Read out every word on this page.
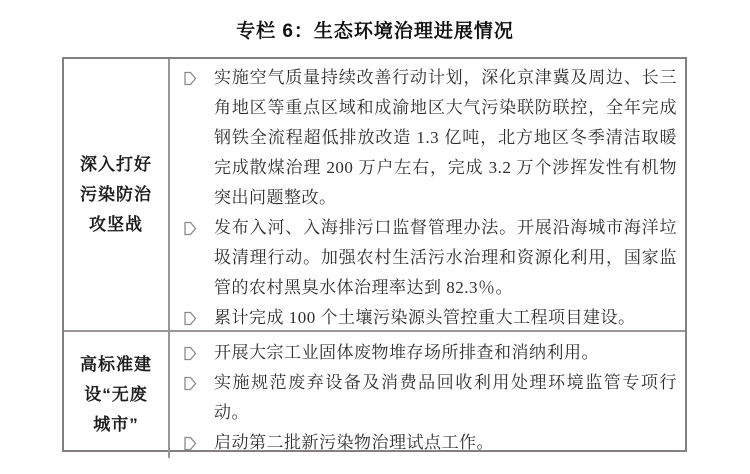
专栏 6：生态环境治理进展情况
深入打好
污染防治
攻坚战
实施空气质量持续改善行动计划，深化京津冀及周边、长三角地区等重点区域和成渝地区大气污染联防联控，全年完成钢铁全流程超低排放改造 1.3 亿吨，北方地区冬季清洁取暖完成散煤治理 200 万户左右，完成 3.2 万个涉挥发性有机物突出问题整改。
发布入河、入海排污口监督管理办法。开展沿海城市海洋垃圾清理行动。加强农村生活污水治理和资源化利用，国家监管的农村黑臭水体治理率达到 82.3％。
累计完成 100 个土壤污染源头管控重大工程项目建设。
高标准建
设“无废
城市”
开展大宗工业固体废物堆存场所排查和消纳利用。
实施规范废弃设备及消费品回收利用处理环境监管专项行动。
启动第二批新污染物治理试点工作。
